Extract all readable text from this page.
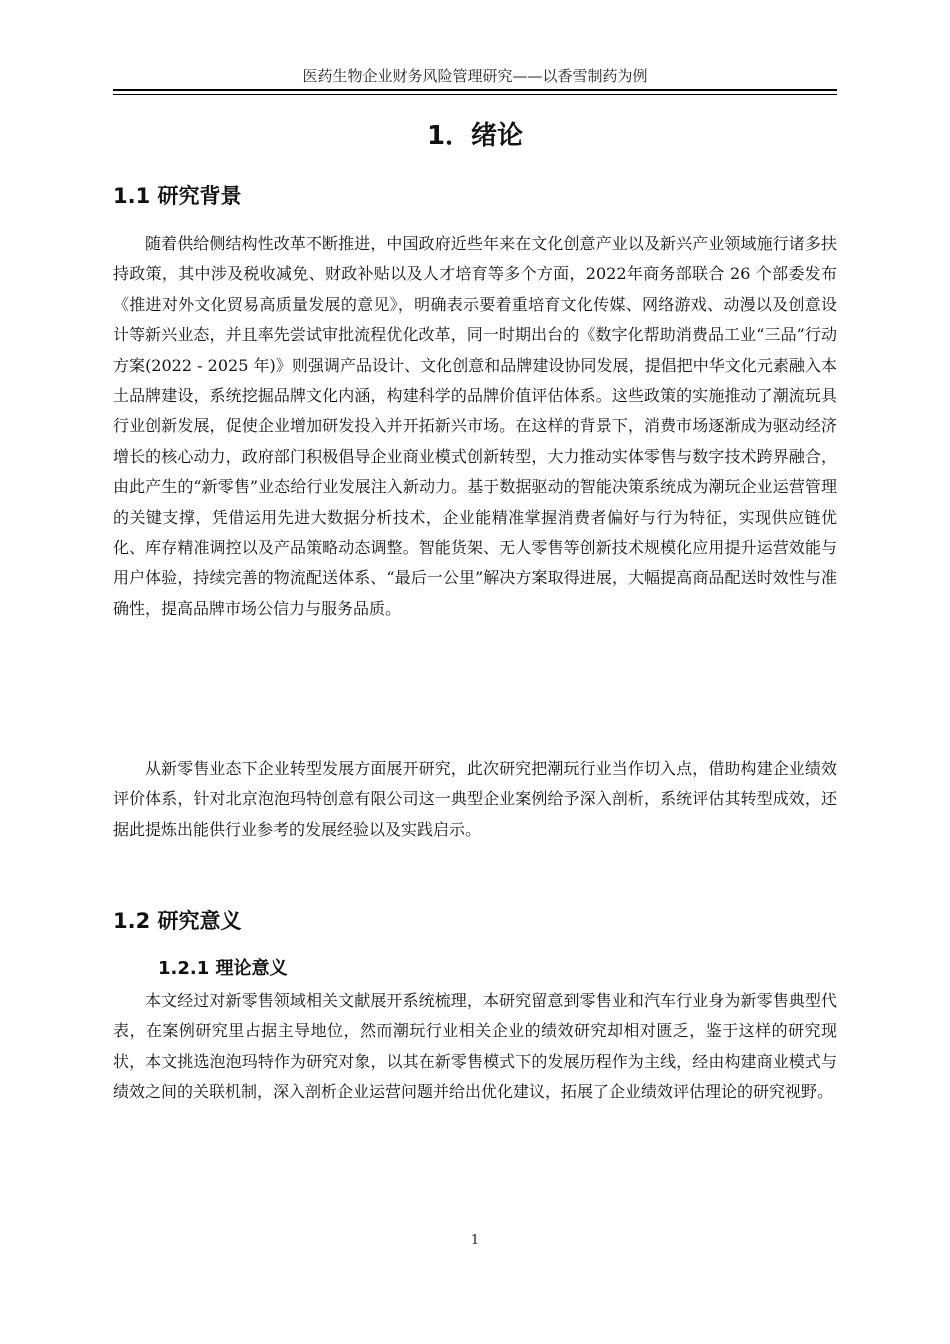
医药生物企业财务风险管理研究——以香雪制药为例
1．绪论
1.1 研究背景

随着供给侧结构性改革不断推进，中国政府近些年来在文化创意产业以及新兴产业领域施行诸多扶持政策，其中涉及税收减免、财政补贴以及人才培育等多个方面，2022年商务部联合 26 个部委发布《推进对外文化贸易高质量发展的意见》，明确表示要着重培育文化传媒、网络游戏、动漫以及创意设计等新兴业态，并且率先尝试审批流程优化改革，同一时期出台的《数字化帮助消费品工业“三品”行动方案(2022 - 2025 年)》则强调产品设计、文化创意和品牌建设协同发展，提倡把中华文化元素融入本土品牌建设，系统挖掘品牌文化内涵，构建科学的品牌价值评估体系。这些政策的实施推动了潮流玩具行业创新发展，促使企业增加研发投入并开拓新兴市场。在这样的背景下，消费市场逐渐成为驱动经济增长的核心动力，政府部门积极倡导企业商业模式创新转型，大力推动实体零售与数字技术跨界融合，由此产生的“新零售”业态给行业发展注入新动力。基于数据驱动的智能决策系统成为潮玩企业运营管理的关键支撑，凭借运用先进大数据分析技术，企业能精准掌握消费者偏好与行为特征，实现供应链优化、库存精准调控以及产品策略动态调整。智能货架、无人零售等创新技术规模化应用提升运营效能与用户体验，持续完善的物流配送体系、“最后一公里”解决方案取得进展，大幅提高商品配送时效性与准确性，提高品牌市场公信力与服务品质。

从新零售业态下企业转型发展方面展开研究，此次研究把潮玩行业当作切入点，借助构建企业绩效评价体系，针对北京泡泡玛特创意有限公司这一典型企业案例给予深入剖析，系统评估其转型成效，还据此提炼出能供行业参考的发展经验以及实践启示。

1.2 研究意义
1.2.1 理论意义

本文经过对新零售领域相关文献展开系统梳理，本研究留意到零售业和汽车行业身为新零售典型代表，在案例研究里占据主导地位，然而潮玩行业相关企业的绩效研究却相对匮乏，鉴于这样的研究现状，本文挑选泡泡玛特作为研究对象，以其在新零售模式下的发展历程作为主线，经由构建商业模式与绩效之间的关联机制，深入剖析企业运营问题并给出优化建议，拓展了企业绩效评估理论的研究视野。

1
